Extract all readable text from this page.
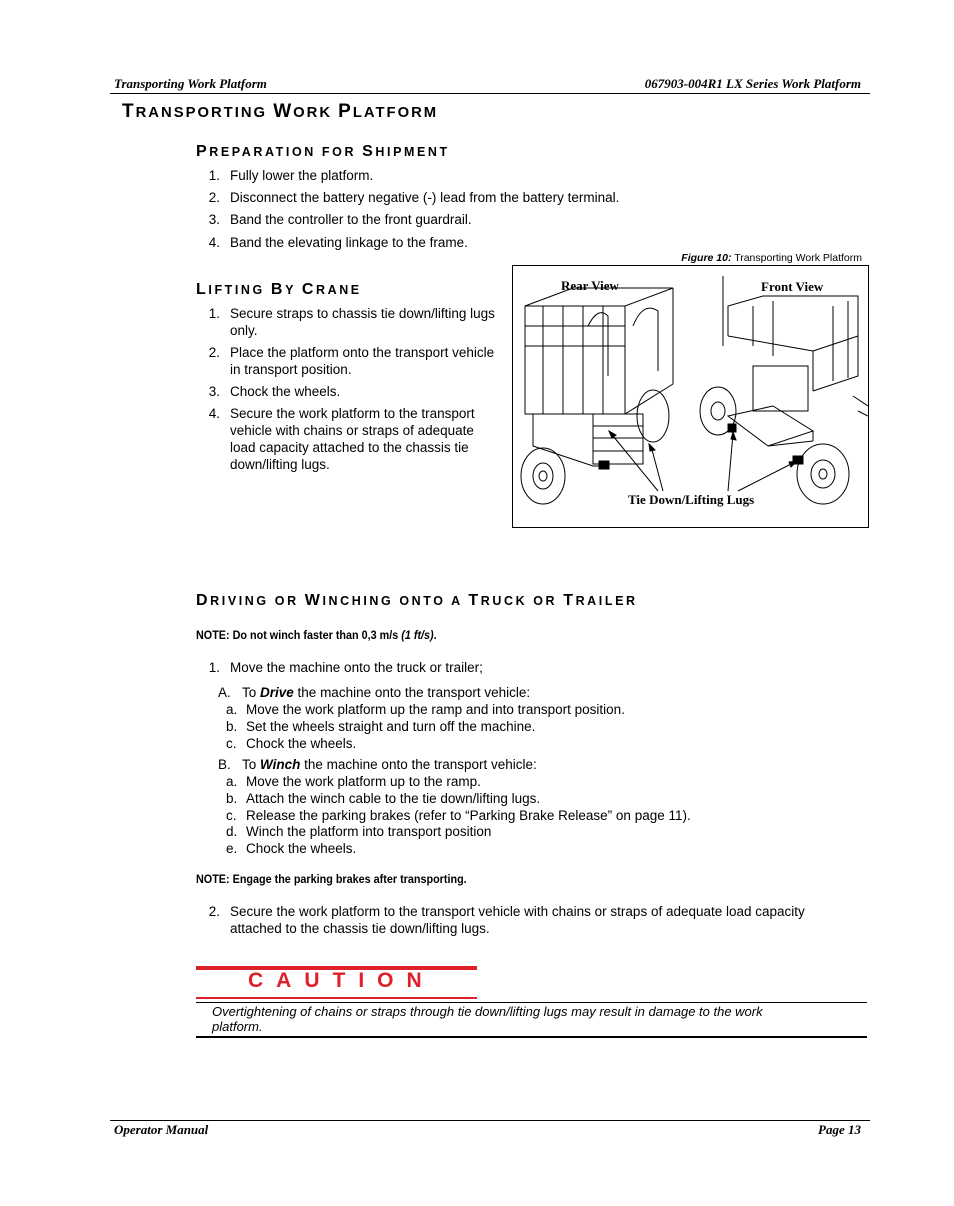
Transporting Work Platform	067903-004R1 LX Series Work Platform
TRANSPORTING WORK PLATFORM
PREPARATION FOR SHIPMENT
1. Fully lower the platform.
2. Disconnect the battery negative (-) lead from the battery terminal.
3. Band the controller to the front guardrail.
4. Band the elevating linkage to the frame.
Figure 10: Transporting Work Platform
Rear View	Front View
Tie Down/Lifting Lugs
LIFTING BY CRANE
1. Secure straps to chassis tie down/lifting lugs
only.
2. Place the platform onto the transport vehicle
in transport position.
3. Chock the wheels.
4. Secure the work platform to the transport
vehicle with chains or straps of adequate
load capacity attached to the chassis tie
down/lifting lugs.
DRIVING OR WINCHING ONTO A TRUCK OR TRAILER
NOTE: Do not winch faster than 0,3 m/s (1 ft/s).
1. Move the machine onto the truck or trailer;
A. To Drive the machine onto the transport vehicle:
a. Move the work platform up the ramp and into transport position.
b. Set the wheels straight and turn off the machine.
c. Chock the wheels.
B. To Winch the machine onto the transport vehicle:
a. Move the work platform up to the ramp.
b. Attach the winch cable to the tie down/lifting lugs.
c. Release the parking brakes (refer to “Parking Brake Release” on page 11).
d. Winch the platform into transport position
e. Chock the wheels.
NOTE: Engage the parking brakes after transporting.
2. Secure the work platform to the transport vehicle with chains or straps of adequate load capacity
attached to the chassis tie down/lifting lugs.
CAUTION
Overtightening of chains or straps through tie down/lifting lugs may result in damage to the work
platform.
Operator Manual	Page 13
